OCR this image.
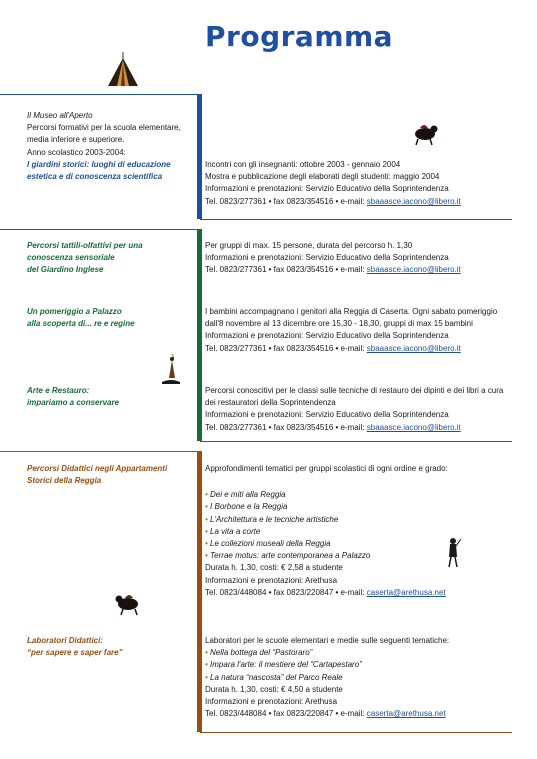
Programma
Il Museo all'Aperto
Percorsi formativi per la scuola elementare,
media inferiore e superiore.
Anno scolastico 2003-2004:
I giardini storici: luoghi di educazione
estetica e di conoscenza scientifica
Incontri con gli insegnanti: ottobre 2003 - gennaio 2004
Mostra e pubblicazione degli elaborati degli studenti: maggio 2004
Informazioni e prenotazioni: Servizio Educativo della Soprintendenza
Tel. 0823/277361 • fax 0823/354516 • e-mail: sbaaasce.iacono@libero.it
Percorsi tattili-olfattivi per una
conoscenza sensoriale
del Giardino Inglese
Per gruppi di max. 15 persone, durata del percorso h. 1,30
Informazioni e prenotazioni: Servizio Educativo della Soprintendenza
Tel. 0823/277361 • fax 0823/354516 • e-mail: sbaaasce.iacono@libero.it
Un pomeriggio a Palazzo
alla scoperta di... re e regine
I bambini accompagnano i genitori alla Reggia di Caserta. Ogni sabato pomeriggio
dall'8 novembre al 13 dicembre ore 15,30 - 18,30, gruppi di max 15 bambini
Informazioni e prenotazioni: Servizio Educativo della Soprintendenza
Tel. 0823/277361 • fax 0823/354516 • e-mail: sbaaasce.iacono@libero.it
Arte e Restauro:
impariamo a conservare
Percorsi conoscitivi per le classi sulle tecniche di restauro dei dipinti e dei libri a cura
dei restauratori della Soprintendenza
Informazioni e prenotazioni: Servizio Educativo della Soprintendenza
Tel. 0823/277361 • fax 0823/354516 • e-mail: sbaaasce.iacono@libero.it
Percorsi Didattici negli Appartamenti
Storici della Reggia
Approfondimenti tematici per gruppi scolastici di ogni ordine e grado:
• Dei e miti alla Reggia
• I Borbone e la Reggia
• L'Architettura e le tecniche artistiche
• La vita a corte
• Le collezioni museali della Reggia
• Terrae motus: arte contemporanea a Palazzo
Durata h. 1,30, costi: € 2,58 a studente
Informazioni e prenotazioni: Arethusa
Tel. 0823/448084 • fax 0823/220847 • e-mail: caserta@arethusa.net
Laboratori Didattici:
“per sapere e saper fare”
Laboratori per le scuole elementari e medie sulle seguenti tematiche:
• Nella bottega del “Pastoraro”
• Impara l'arte: il mestiere del “Cartapestaro”
• La natura “nascosta” del Parco Reale
Durata h. 1,30, costi: € 4,50 a studente
Informazioni e prenotazioni: Arethusa
Tel. 0823/448084 • fax 0823/220847 • e-mail: caserta@arethusa.net
